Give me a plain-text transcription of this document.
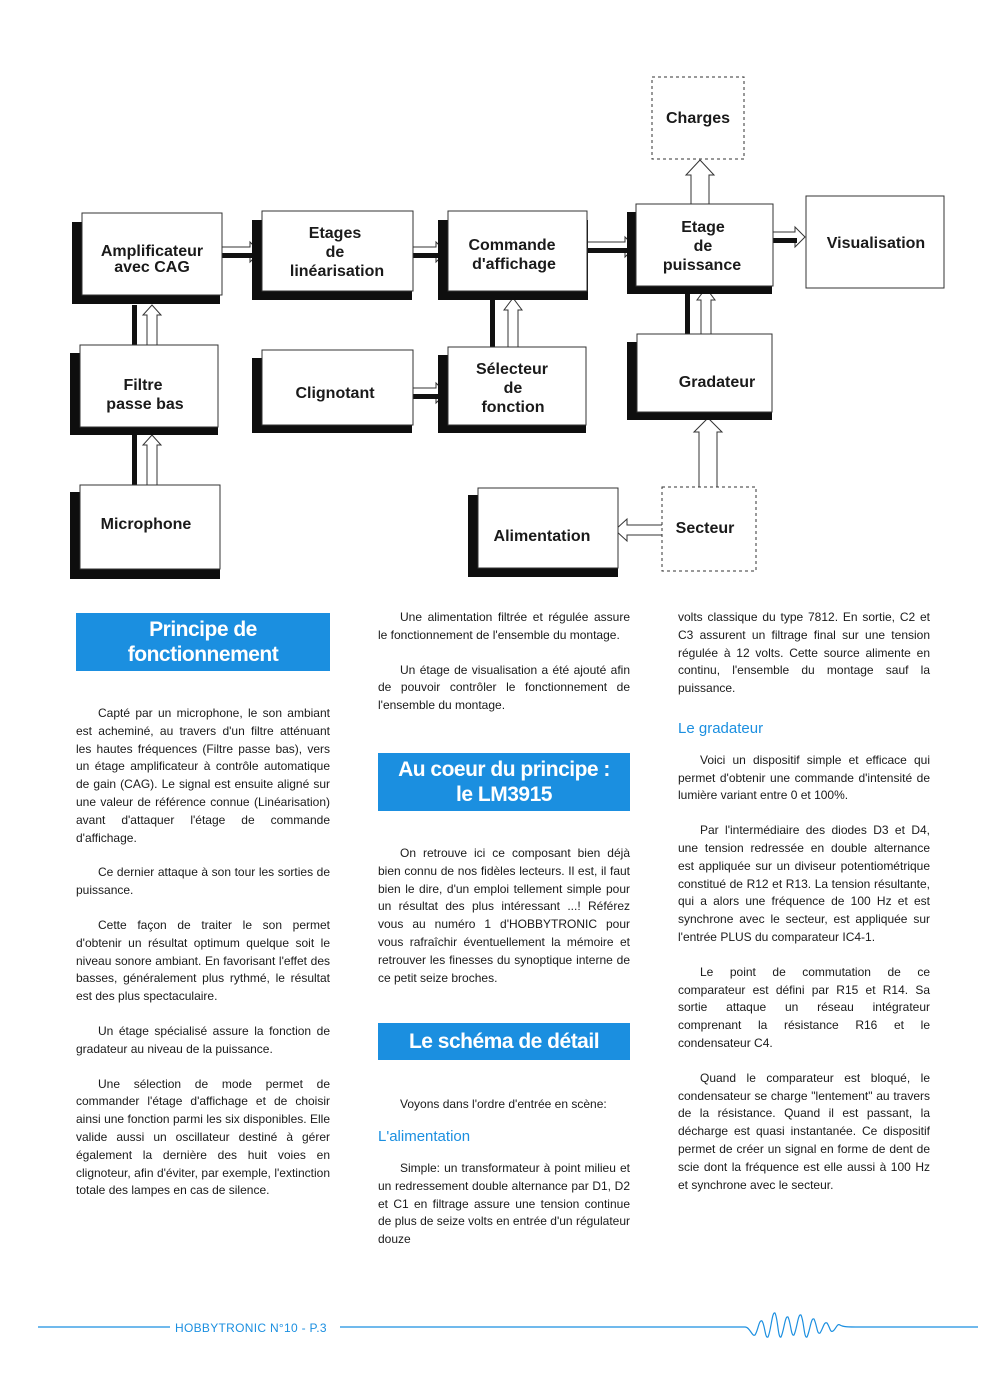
Charges
Amplificateur
avec CAG
Etages
de
linéarisation
Commande
d'affichage
Etage
de
puissance
Visualisation
Filtre
passe bas
Clignotant
Sélecteur
de
fonction
Gradateur
Microphone
Alimentation	Secteur
Principe de
fonctionnement

Capté par un microphone, le son ambiant est acheminé, au travers d'un filtre atténuant les hautes fréquences (Filtre passe bas), vers un étage amplificateur à contrôle automatique de gain (CAG). Le signal est ensuite aligné sur une valeur de référence connue (Linéarisation) avant d'attaquer l'étage de commande d'affichage.

Ce dernier attaque à son tour les sorties de puissance.

Cette façon de traiter le son permet d'obtenir un résultat optimum quelque soit le niveau sonore ambiant. En favorisant l'effet des basses, généralement plus rythmé, le résultat est des plus spectaculaire.

Un étage spécialisé assure la fonction de gradateur au niveau de la puissance.

Une sélection de mode permet de commander l'étage d'affichage et de choisir ainsi une fonction parmi les six disponibles. Elle valide aussi un oscillateur destiné à gérer également la dernière des huit voies en clignoteur, afin d'éviter, par exemple, l'extinction totale des lampes en cas de silence.

Une alimentation filtrée et régulée assure le fonctionnement de l'ensemble du montage.

Un étage de visualisation a été ajouté afin de pouvoir contrôler le fonctionnement de l'ensemble du montage.

Au coeur du principe :
le LM3915

On retrouve ici ce composant bien déjà bien connu de nos fidèles lecteurs. Il est, il faut bien le dire, d'un emploi tellement simple pour un résultat des plus intéressant ...! Référez vous au numéro 1 d'HOBBYTRONIC pour vous rafraîchir éventuellement la mémoire et retrouver les finesses du synoptique interne de ce petit seize broches.

Le schéma de détail

Voyons dans l'ordre d'entrée en scène:

L'alimentation

Simple: un transformateur à point milieu et un redressement double alternance par D1, D2 et C1 en filtrage assure une tension continue de plus de seize volts en entrée d'un régulateur douze

volts classique du type 7812. En sortie, C2 et C3 assurent un filtrage final sur une tension régulée à 12 volts. Cette source alimente en continu, l'ensemble du montage sauf la puissance.

Le gradateur

Voici un dispositif simple et efficace qui permet d'obtenir une commande d'intensité de lumière variant entre 0 et 100%.

Par l'intermédiaire des diodes D3 et D4, une tension redressée en double alternance est appliquée sur un diviseur potentiométrique constitué de R12 et R13. La tension résultante, qui a alors une fréquence de 100 Hz et est synchrone avec le secteur, est appliquée sur l'entrée PLUS du comparateur IC4-1.

Le point de commutation de ce comparateur est défini par R15 et R14. Sa sortie attaque un réseau intégrateur comprenant la résistance R16 et le condensateur C4.

Quand le comparateur est bloqué, le condensateur se charge "lentement" au travers de la résistance. Quand il est passant, la décharge est quasi instantanée. Ce dispositif permet de créer un signal en forme de dent de scie dont la fréquence est elle aussi à 100 Hz et synchrone avec le secteur.

HOBBYTRONIC N°10 - P.3
